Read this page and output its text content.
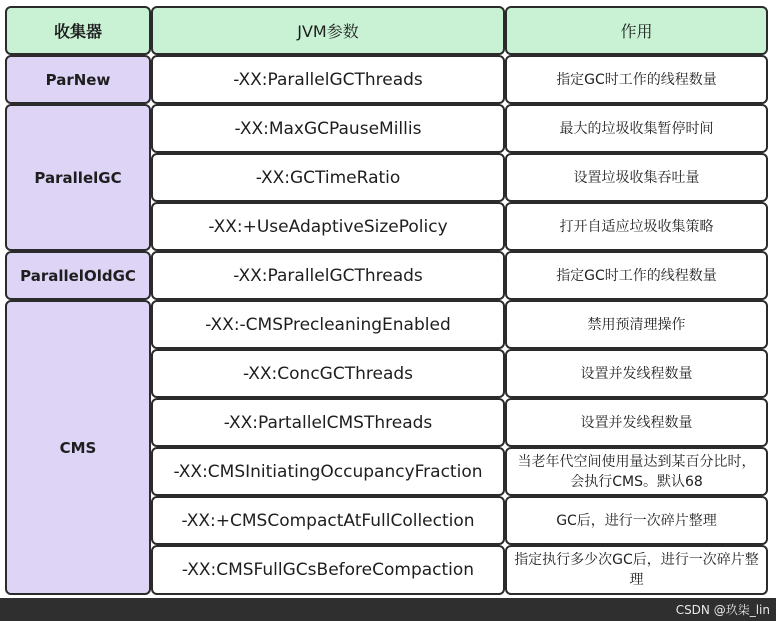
收集器	JVM参数	作用
ParNew
ParallelGC
ParallelOldGC
CMS
-XX:ParallelGCThreads
-XX:MaxGCPauseMillis
-XX:GCTimeRatio
-XX:+UseAdaptiveSizePolicy
-XX:ParallelGCThreads
-XX:-CMSPrecleaningEnabled
-XX:ConcGCThreads
-XX:PartallelCMSThreads
-XX:CMSInitiatingOccupancyFraction
-XX:+CMSCompactAtFullCollection
-XX:CMSFullGCsBeforeCompaction
指定GC时工作的线程数量
最大的垃圾收集暂停时间
设置垃圾收集吞吐量
打开自适应垃圾收集策略
指定GC时工作的线程数量
禁用预清理操作
设置并发线程数量
设置并发线程数量
当老年代空间使用量达到某百分比时，会执行CMS。默认68
GC后，进行一次碎片整理
指定执行多少次GC后，进行一次碎片整理
CSDN @玖柒_lin
